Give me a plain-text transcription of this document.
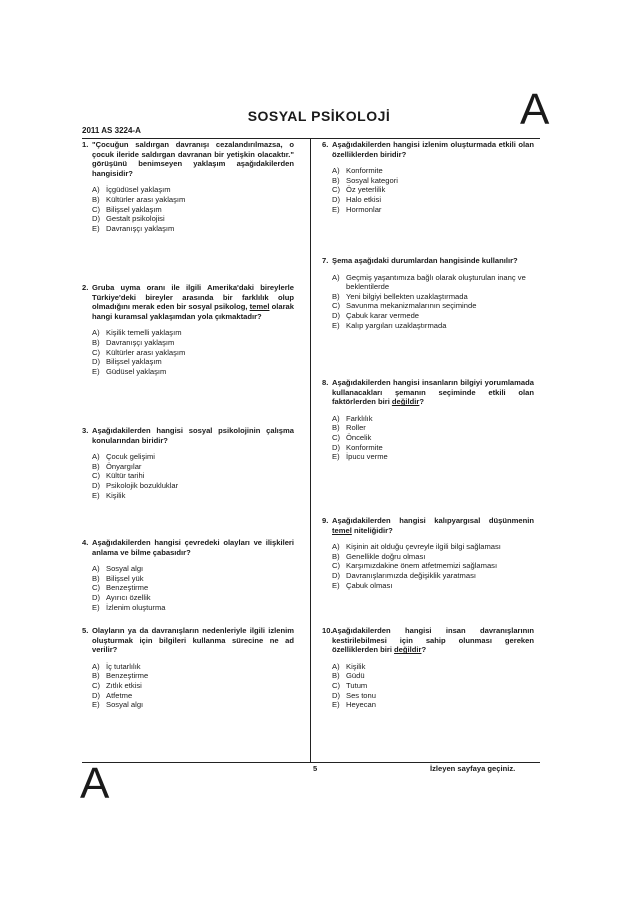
2011 AS 3224-A
SOSYAL PSİKOLOJİ	A
1. "Çocuğun saldırgan davranışı cezalandırılmazsa, o çocuk ileride saldırgan davranan bir yetişkin olacaktır." görüşünü benimseyen yaklaşım aşağıdakilerden hangisidir?
A) İçgüdüsel yaklaşım
B) Kültürler arası yaklaşım
C) Bilişsel yaklaşım
D) Gestalt psikolojisi
E) Davranışçı yaklaşım
2. Gruba uyma oranı ile ilgili Amerika'daki bireylerle Türkiye'deki bireyler arasında bir farklılık olup olmadığını merak eden bir sosyal psikolog, temel olarak hangi kuramsal yaklaşımdan yola çıkmaktadır?
A) Kişilik temelli yaklaşım
B) Davranışçı yaklaşım
C) Kültürler arası yaklaşım
D) Bilişsel yaklaşım
E) Güdüsel yaklaşım
3. Aşağıdakilerden hangisi sosyal psikolojinin çalışma konularından biridir?
A) Çocuk gelişimi
B) Önyargılar
C) Kültür tarihi
D) Psikolojik bozukluklar
E) Kişilik
4. Aşağıdakilerden hangisi çevredeki olayları ve ilişkileri anlama ve bilme çabasıdır?
A) Sosyal algı
B) Bilişsel yük
C) Benzeştirme
D) Ayırıcı özellik
E) İzlenim oluşturma
5. Olayların ya da davranışların nedenleriyle ilgili izlenim oluşturmak için bilgileri kullanma sürecine ne ad verilir?
A) İç tutarlılık
B) Benzeştirme
C) Zıtlık etkisi
D) Atfetme
E) Sosyal algı
6. Aşağıdakilerden hangisi izlenim oluşturmada etkili olan özelliklerden biridir?
A) Konformite
B) Sosyal kategori
C) Öz yeterlilik
D) Halo etkisi
E) Hormonlar
7. Şema aşağıdaki durumlardan hangisinde kullanılır?
A) Geçmiş yaşantımıza bağlı olarak oluşturulan inanç ve beklentilerde
B) Yeni bilgiyi bellekten uzaklaştırmada
C) Savunma mekanizmalarının seçiminde
D) Çabuk karar vermede
E) Kalıp yargıları uzaklaştırmada
8. Aşağıdakilerden hangisi insanların bilgiyi yorumlamada kullanacakları şemanın seçiminde etkili olan faktörlerden biri değildir?
A) Farklılık
B) Roller
C) Öncelik
D) Konformite
E) İpucu verme
9. Aşağıdakilerden hangisi kalıpyargısal düşünmenin temel niteliğidir?
A) Kişinin ait olduğu çevreyle ilgili bilgi sağlaması
B) Genellikle doğru olması
C) Karşımızdakine önem atfetmemizi sağlaması
D) Davranışlarımızda değişiklik yaratması
E) Çabuk olması
10. Aşağıdakilerden hangisi insan davranışlarının kestirilebilmesi için sahip olunması gereken özelliklerden biri değildir?
A) Kişilik
B) Güdü
C) Tutum
D) Ses tonu
E) Heyecan
A	5	İzleyen sayfaya geçiniz.
